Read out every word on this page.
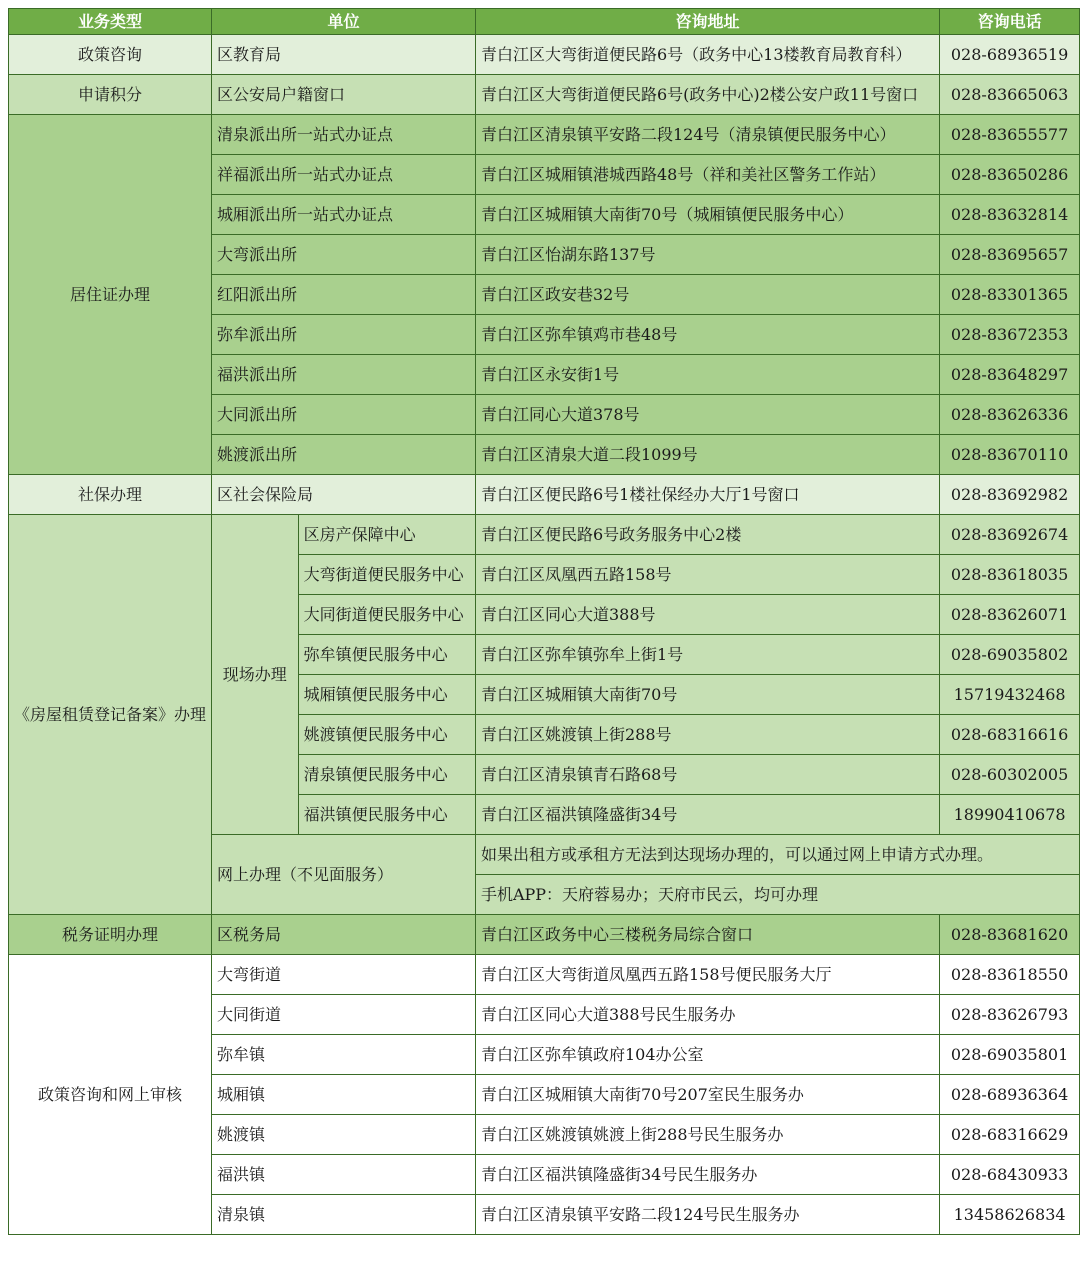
业务类型	单位		咨询地址	咨询电话
政策咨询	区教育局		青白江区大弯街道便民路6号（政务中心13楼教育局教育科）	028-68936519
申请积分	区公安局户籍窗口		青白江区大弯街道便民路6号(政务中心)2楼公安户政11号窗口	028-83665063
居住证办理	清泉派出所一站式办证点		青白江区清泉镇平安路二段124号（清泉镇便民服务中心）	028-83655577
	祥福派出所一站式办证点		青白江区城厢镇港城西路48号（祥和美社区警务工作站）	028-83650286
	城厢派出所一站式办证点		青白江区城厢镇大南街70号（城厢镇便民服务中心）	028-83632814
	大弯派出所		青白江区怡湖东路137号	028-83695657
	红阳派出所		青白江区政安巷32号	028-83301365
	弥牟派出所		青白江区弥牟镇鸡市巷48号	028-83672353
	福洪派出所		青白江区永安街1号	028-83648297
	大同派出所		青白江同心大道378号	028-83626336
	姚渡派出所		青白江区清泉大道二段1099号	028-83670110
社保办理	区社会保险局		青白江区便民路6号1楼社保经办大厅1号窗口	028-83692982
《房屋租赁登记备案》办理	现场办理	区房产保障中心	青白江区便民路6号政务服务中心2楼	028-83692674
		大弯街道便民服务中心	青白江区凤凰西五路158号	028-83618035
		大同街道便民服务中心	青白江区同心大道388号	028-83626071
		弥牟镇便民服务中心	青白江区弥牟镇弥牟上街1号	028-69035802
		城厢镇便民服务中心	青白江区城厢镇大南街70号	15719432468
		姚渡镇便民服务中心	青白江区姚渡镇上街288号	028-68316616
		清泉镇便民服务中心	青白江区清泉镇青石路68号	028-60302005
		福洪镇便民服务中心	青白江区福洪镇隆盛街34号	18990410678
	网上办理（不见面服务）		如果出租方或承租方无法到达现场办理的，可以通过网上申请方式办理。	
			手机APP：天府蓉易办；天府市民云，均可办理	
税务证明办理	区税务局		青白江区政务中心三楼税务局综合窗口	028-83681620
政策咨询和网上审核	大弯街道		青白江区大弯街道凤凰西五路158号便民服务大厅	028-83618550
	大同街道		青白江区同心大道388号民生服务办	028-83626793
	弥牟镇		青白江区弥牟镇政府104办公室	028-69035801
	城厢镇		青白江区城厢镇大南街70号207室民生服务办	028-68936364
	姚渡镇		青白江区姚渡镇姚渡上街288号民生服务办	028-68316629
	福洪镇		青白江区福洪镇隆盛街34号民生服务办	028-68430933
	清泉镇		青白江区清泉镇平安路二段124号民生服务办	13458626834
